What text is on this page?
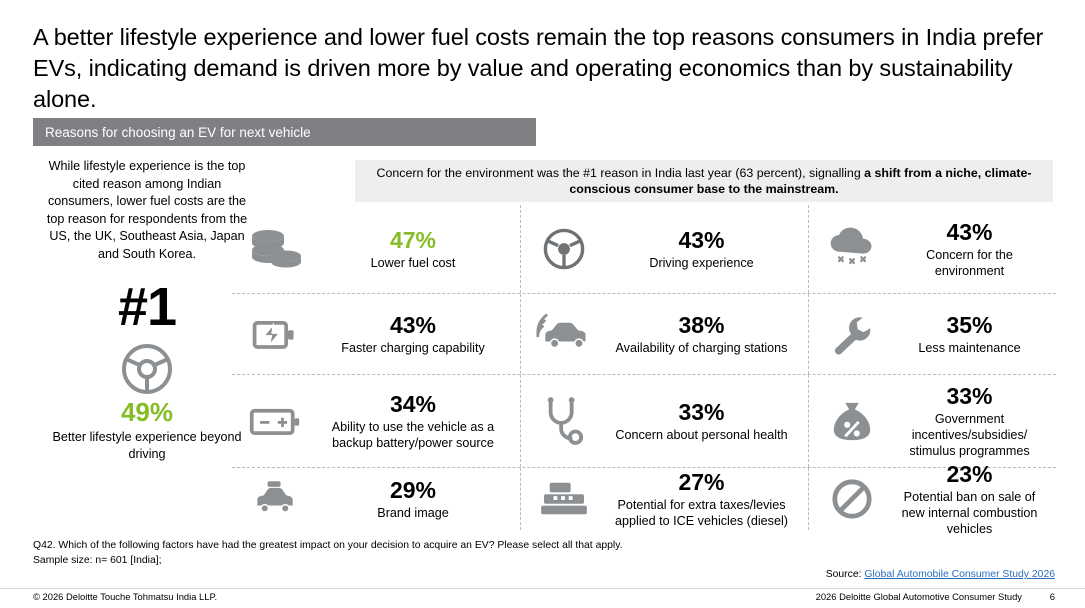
A better lifestyle experience and lower fuel costs remain the top reasons consumers in India prefer EVs, indicating demand is driven more by value and operating economics than by sustainability alone.
Reasons for choosing an EV for next vehicle
While lifestyle experience is the top cited reason among Indian consumers, lower fuel costs are the top reason for respondents from the US, the UK, Southeast Asia, Japan and South Korea.
#1
49%
Better lifestyle experience beyond driving
Concern for the environment was the #1 reason in India last year (63 percent), signalling a shift from a niche, climate-conscious consumer base to the mainstream.
47%
Lower fuel cost
43%
Driving experience
43%
Concern for the environment
43%
Faster charging capability
38%
Availability of charging stations
35%
Less maintenance
34%
Ability to use the vehicle as a backup battery/power source
33%
Concern about personal health
33%
Government incentives/subsidies/ stimulus programmes
29%
Brand image
27%
Potential for extra taxes/levies applied to ICE vehicles (diesel)
23%
Potential ban on sale of new internal combustion vehicles
Q42. Which of the following factors have had the greatest impact on your decision to acquire an EV? Please select all that apply.
Sample size: n= 601 [India];
Source: Global Automobile Consumer Study 2026
© 2026 Deloitte Touche Tohmatsu India LLP.	2026 Deloitte Global Automotive Consumer Study	6
